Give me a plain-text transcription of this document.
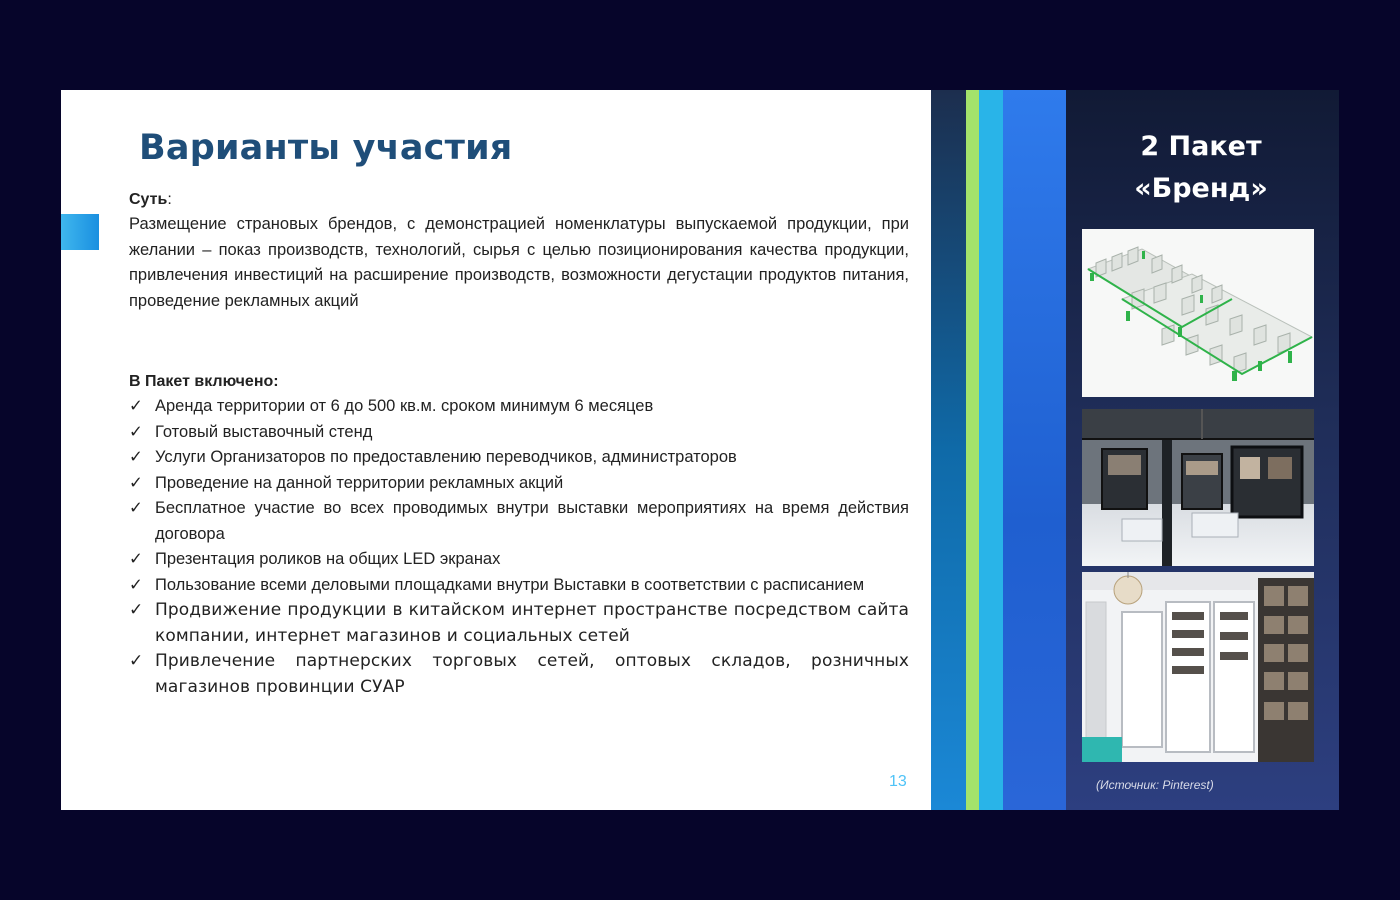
Варианты участия
Суть:
Размещение страновых брендов, с демонстрацией номенклатуры выпускаемой продукции, при желании – показ производств, технологий, сырья с целью позиционирования качества продукции, привлечения инвестиций на расширение производств, возможности дегустации продуктов питания, проведение рекламных акций
В Пакет включено:
✓ Аренда территории от 6 до 500 кв.м. сроком минимум 6 месяцев
✓ Готовый выставочный стенд
✓ Услуги Организаторов по предоставлению переводчиков, администраторов
✓ Проведение на данной территории рекламных акций
✓ Бесплатное участие во всех проводимых внутри выставки мероприятиях на время действия договора
✓ Презентация роликов на общих LED экранах
✓ Пользование всеми деловыми площадками внутри Выставки в соответствии с расписанием
✓ Продвижение продукции в китайском интернет пространстве посредством сайта компании, интернет магазинов и социальных сетей
✓ Привлечение партнерских торговых сетей, оптовых складов, розничных магазинов провинции СУАР
13
2 Пакет
«Бренд»
(Источник: Pinterest)
